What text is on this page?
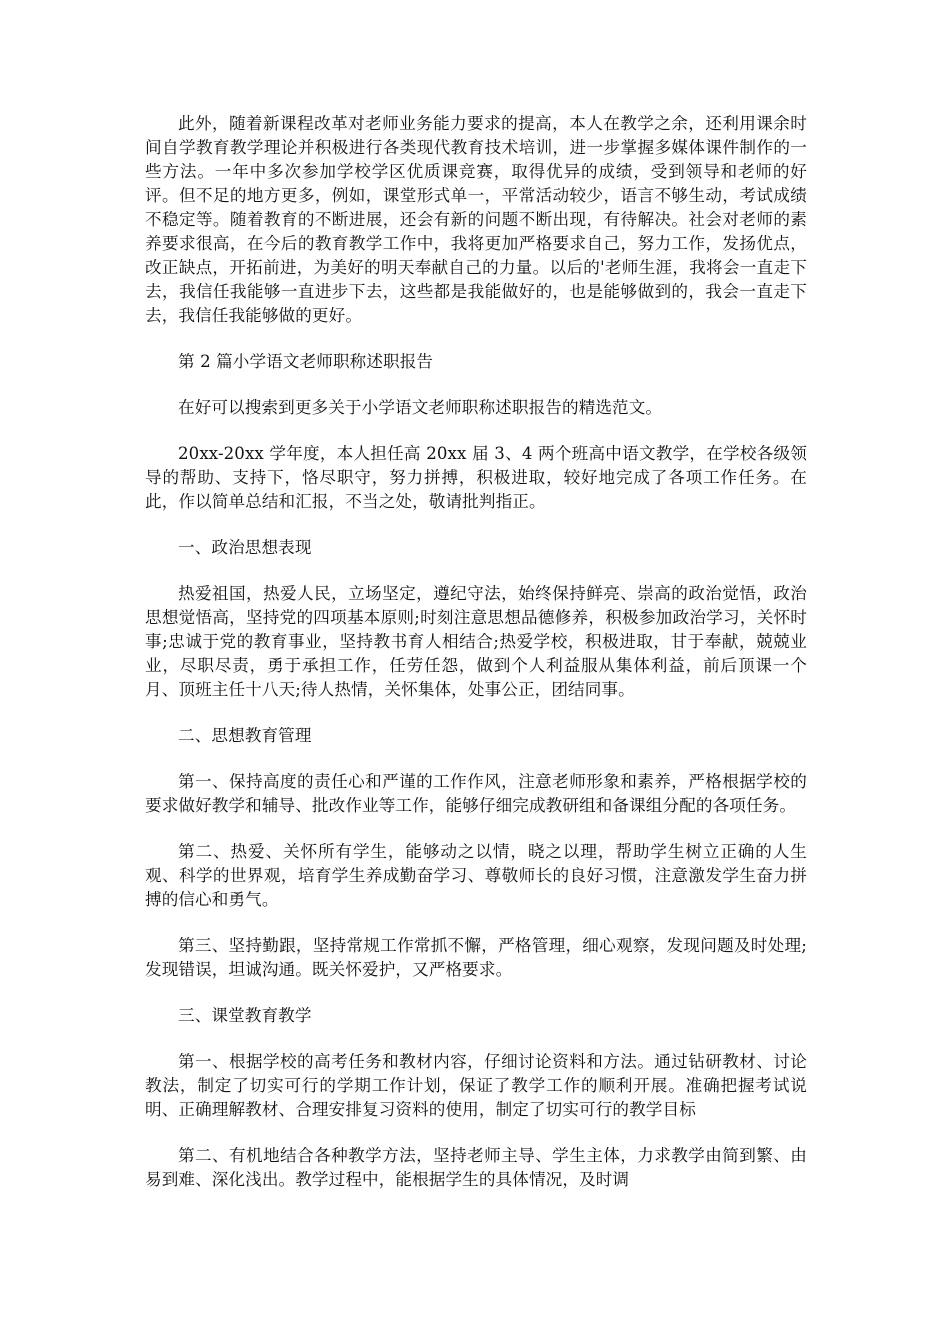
此外，随着新课程改革对老师业务能力要求的提高，本人在教学之余，还利用课余时间自学教育教学理论并积极进行各类现代教育技术培训，进一步掌握多媒体课件制作的一些方法。一年中多次参加学校学区优质课竞赛，取得优异的成绩，受到领导和老师的好评。但不足的地方更多，例如，课堂形式单一，平常活动较少，语言不够生动，考试成绩不稳定等。随着教育的不断进展，还会有新的问题不断出现，有待解决。社会对老师的素养要求很高，在今后的教育教学工作中，我将更加严格要求自己，努力工作，发扬优点，改正缺点，开拓前进，为美好的明天奉献自己的力量。以后的'老师生涯，我将会一直走下去，我信任我能够一直进步下去，这些都是我能做好的，也是能够做到的，我会一直走下去，我信任我能够做的更好。

第 2 篇小学语文老师职称述职报告

在好可以搜索到更多关于小学语文老师职称述职报告的精选范文。

20xx-20xx 学年度，本人担任高 20xx 届 3、4 两个班高中语文教学，在学校各级领导的帮助、支持下，恪尽职守，努力拼搏，积极进取，较好地完成了各项工作任务。在此，作以简单总结和汇报，不当之处，敬请批判指正。

一、政治思想表现

热爱祖国，热爱人民，立场坚定，遵纪守法，始终保持鲜亮、崇高的政治觉悟，政治思想觉悟高，坚持党的四项基本原则;时刻注意思想品德修养，积极参加政治学习，关怀时事;忠诚于党的教育事业，坚持教书育人相结合;热爱学校，积极进取，甘于奉献，兢兢业业，尽职尽责，勇于承担工作，任劳任怨，做到个人利益服从集体利益，前后顶课一个月、顶班主任十八天;待人热情，关怀集体，处事公正，团结同事。

二、思想教育管理

第一、保持高度的责任心和严谨的工作作风，注意老师形象和素养，严格根据学校的要求做好教学和辅导、批改作业等工作，能够仔细完成教研组和备课组分配的各项任务。

第二、热爱、关怀所有学生，能够动之以情，晓之以理，帮助学生树立正确的人生观、科学的世界观，培育学生养成勤奋学习、尊敬师长的良好习惯，注意激发学生奋力拼搏的信心和勇气。

第三、坚持勤跟，坚持常规工作常抓不懈，严格管理，细心观察，发现问题及时处理;发现错误，坦诚沟通。既关怀爱护，又严格要求。

三、课堂教育教学

第一、根据学校的高考任务和教材内容，仔细讨论资料和方法。通过钻研教材、讨论教法，制定了切实可行的学期工作计划，保证了教学工作的顺利开展。准确把握考试说明、正确理解教材、合理安排复习资料的使用，制定了切实可行的教学目标

第二、有机地结合各种教学方法，坚持老师主导、学生主体，力求教学由简到繁、由易到难、深化浅出。教学过程中，能根据学生的具体情况，及时调
